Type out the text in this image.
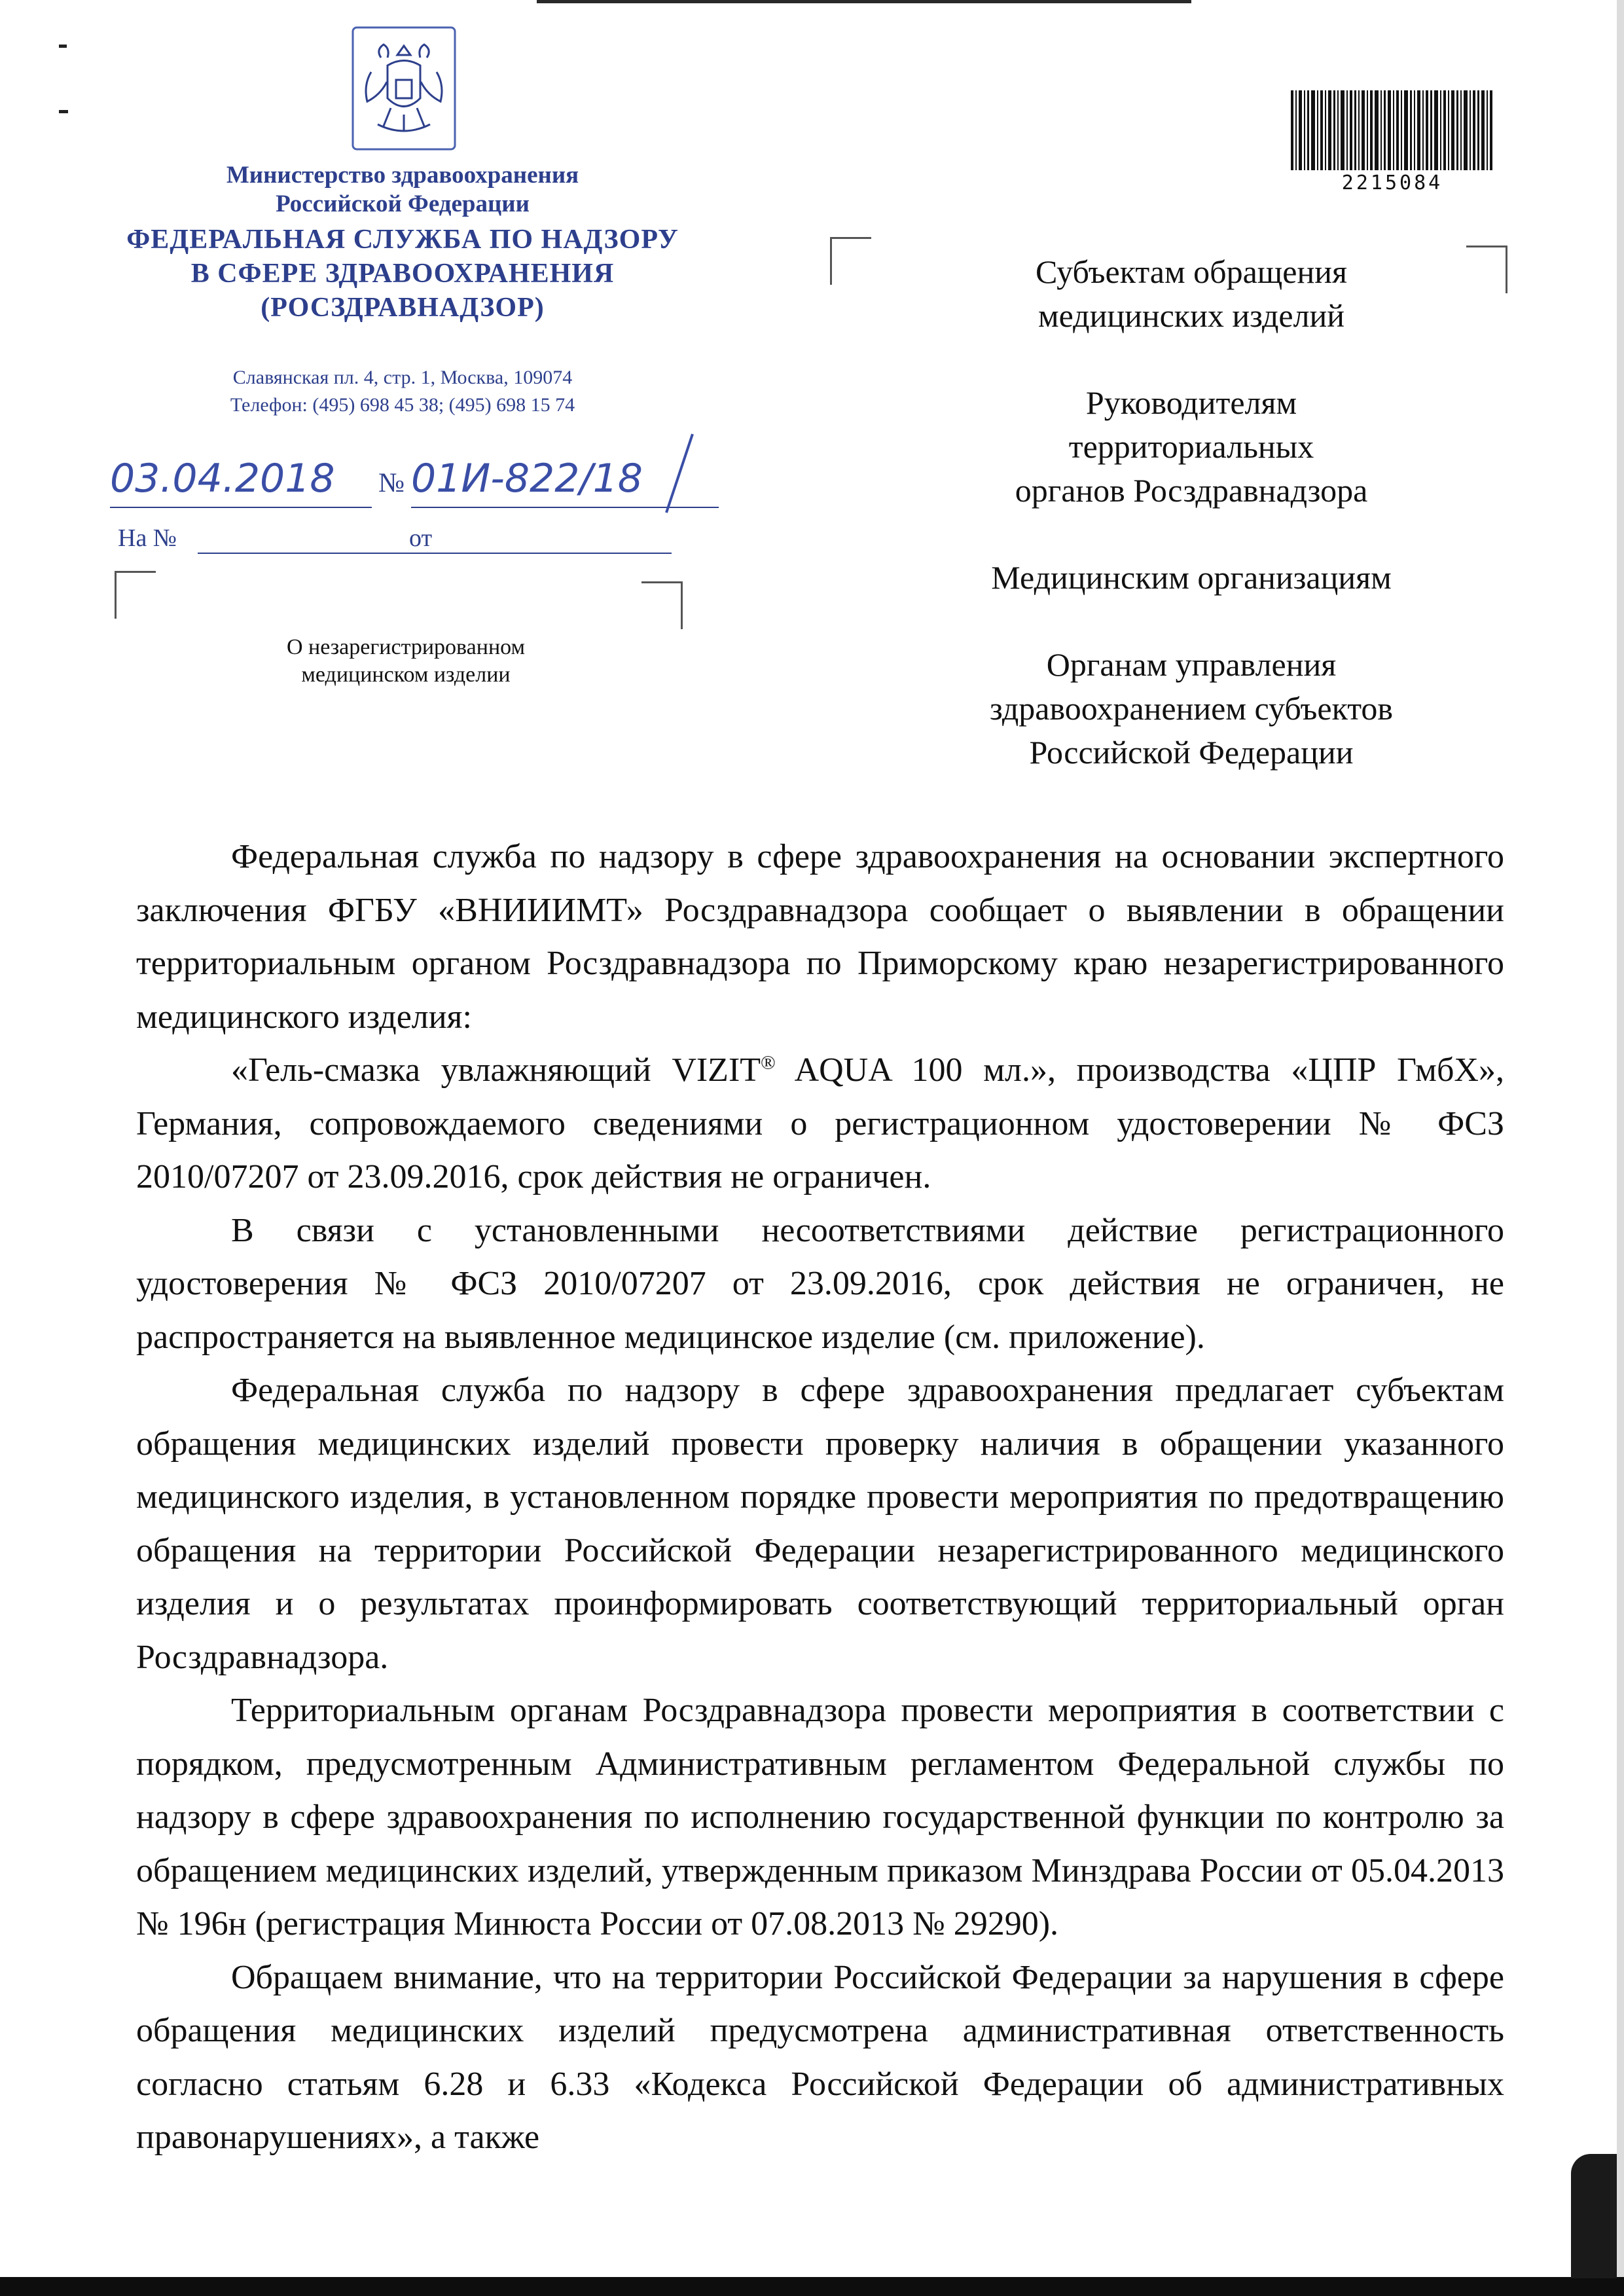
Министерство здравоохранения
Российской Федерации
ФЕДЕРАЛЬНАЯ СЛУЖБА ПО НАДЗОРУ
В СФЕРЕ ЗДРАВООХРАНЕНИЯ
(РОСЗДРАВНАДЗОР)
Славянская пл. 4, стр. 1, Москва, 109074
Телефон: (495) 698 45 38; (495) 698 15 74
03.04.2018	№ 01И-822/18
На №	от
О незарегистрированном
медицинском изделии
2215084
Субъектам обращения
медицинских изделий
Руководителям
территориальных
органов Росздравнадзора
Медицинским организациям
Органам управления
здравоохранением субъектов
Российской Федерации

Федеральная служба по надзору в сфере здравоохранения на основании экспертного заключения ФГБУ «ВНИИИМТ» Росздравнадзора сообщает о выявлении в обращении территориальным органом Росздравнадзора по Приморскому краю незарегистрированного медицинского изделия:

«Гель-смазка увлажняющий VIZIT® AQUA 100 мл.», производства «ЦПР ГмбХ», Германия, сопровождаемого сведениями о регистрационном удостоверении № ФСЗ 2010/07207 от 23.09.2016, срок действия не ограничен.

В связи с установленными несоответствиями действие регистрационного удостоверения № ФСЗ 2010/07207 от 23.09.2016, срок действия не ограничен, не распространяется на выявленное медицинское изделие (см. приложение).

Федеральная служба по надзору в сфере здравоохранения предлагает субъектам обращения медицинских изделий провести проверку наличия в обращении указанного медицинского изделия, в установленном порядке провести мероприятия по предотвращению обращения на территории Российской Федерации незарегистрированного медицинского изделия и о результатах проинформировать соответствующий территориальный орган Росздравнадзора.

Территориальным органам Росздравнадзора провести мероприятия в соответствии с порядком, предусмотренным Административным регламентом Федеральной службы по надзору в сфере здравоохранения по исполнению государственной функции по контролю за обращением медицинских изделий, утвержденным приказом Минздрава России от 05.04.2013 № 196н (регистрация Минюста России от 07.08.2013 № 29290).

Обращаем внимание, что на территории Российской Федерации за нарушения в сфере обращения медицинских изделий предусмотрена административная ответственность согласно статьям 6.28 и 6.33 «Кодекса Российской Федерации об административных правонарушениях», а также
